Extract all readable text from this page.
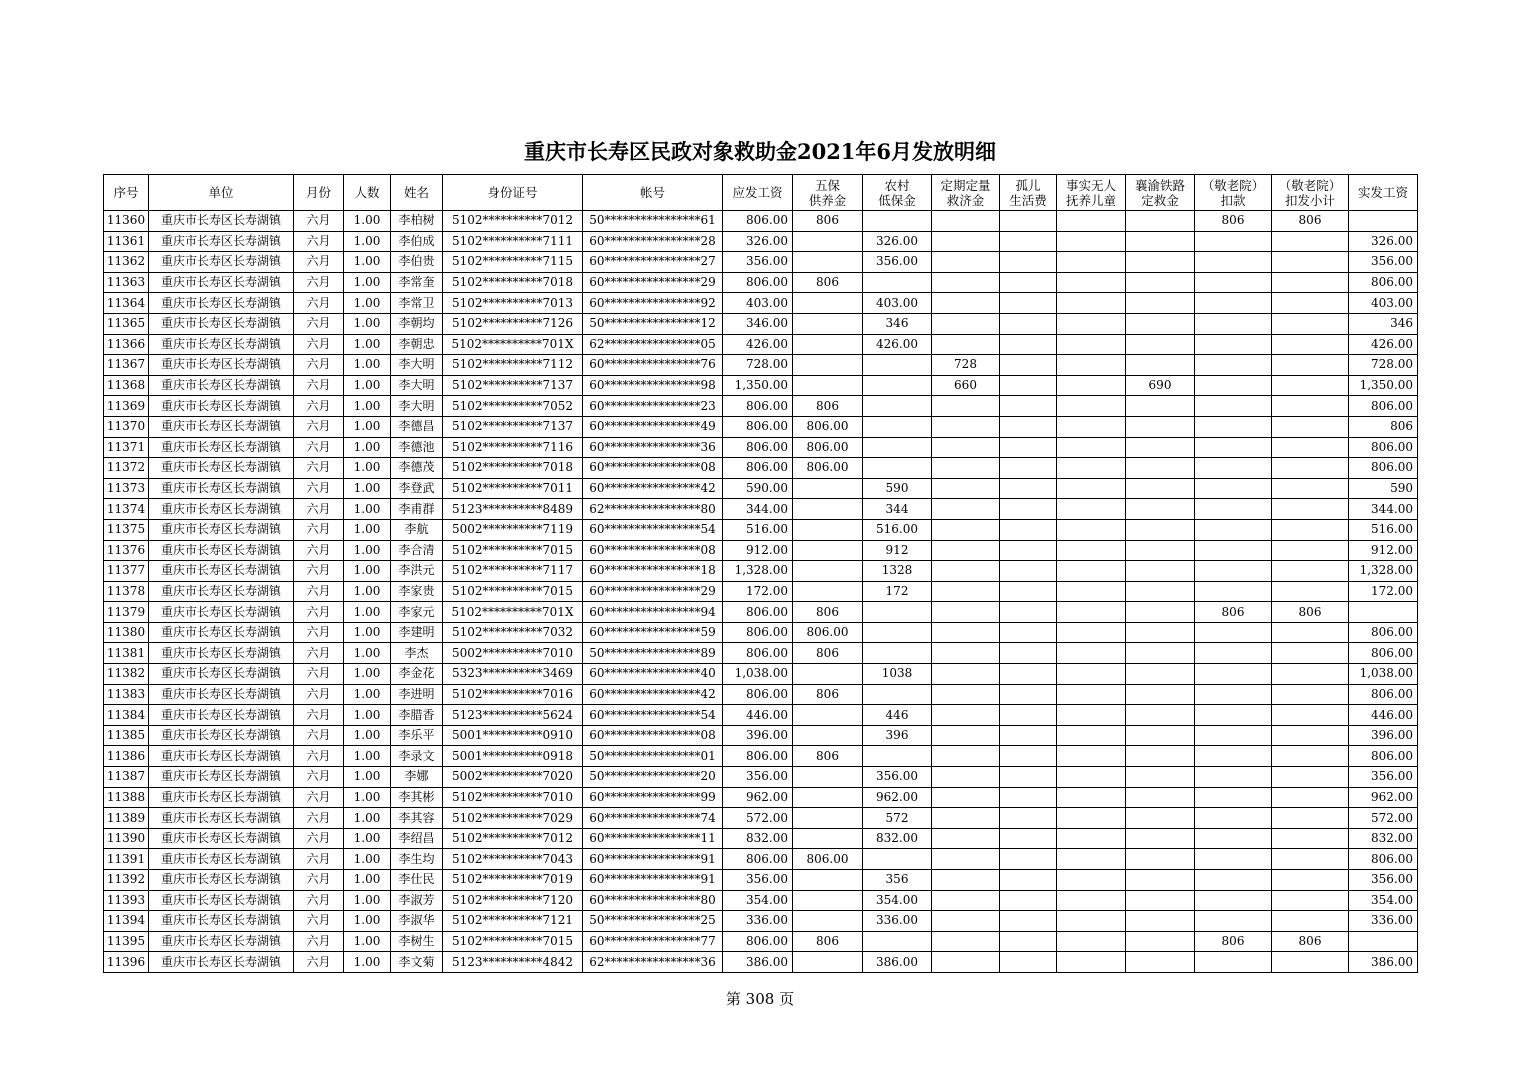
重庆市长寿区民政对象救助金2021年6月发放明细
序号	单位	月份	人数	姓名	身份证号	帐号	应发工资	五保
供养金	农村
低保金	定期定量
救济金	孤儿
生活费	事实无人
抚养儿童	襄渝铁路
定救金	（敬老院）
扣款	（敬老院）
扣发小计	实发工资
11360	重庆市长寿区长寿湖镇	六月	1.00	李柏树	5102**********7012	50****************61	806.00	806						806	806	
11361	重庆市长寿区长寿湖镇	六月	1.00	李伯成	5102**********7111	60****************28	326.00		326.00							326.00
11362	重庆市长寿区长寿湖镇	六月	1.00	李伯贵	5102**********7115	60****************27	356.00		356.00							356.00
11363	重庆市长寿区长寿湖镇	六月	1.00	李常奎	5102**********7018	60****************29	806.00	806								806.00
11364	重庆市长寿区长寿湖镇	六月	1.00	李常卫	5102**********7013	60****************92	403.00		403.00							403.00
11365	重庆市长寿区长寿湖镇	六月	1.00	李朝均	5102**********7126	50****************12	346.00		346							346
11366	重庆市长寿区长寿湖镇	六月	1.00	李朝忠	5102**********701X	62****************05	426.00		426.00							426.00
11367	重庆市长寿区长寿湖镇	六月	1.00	李大明	5102**********7112	60****************76	728.00			728						728.00
11368	重庆市长寿区长寿湖镇	六月	1.00	李大明	5102**********7137	60****************98	1,350.00			660			690			1,350.00
11369	重庆市长寿区长寿湖镇	六月	1.00	李大明	5102**********7052	60****************23	806.00	806								806.00
11370	重庆市长寿区长寿湖镇	六月	1.00	李德昌	5102**********7137	60****************49	806.00	806.00								806
11371	重庆市长寿区长寿湖镇	六月	1.00	李德池	5102**********7116	60****************36	806.00	806.00								806.00
11372	重庆市长寿区长寿湖镇	六月	1.00	李德茂	5102**********7018	60****************08	806.00	806.00								806.00
11373	重庆市长寿区长寿湖镇	六月	1.00	李登武	5102**********7011	60****************42	590.00		590							590
11374	重庆市长寿区长寿湖镇	六月	1.00	李甫群	5123**********8489	62****************80	344.00		344							344.00
11375	重庆市长寿区长寿湖镇	六月	1.00	李航	5002**********7119	60****************54	516.00		516.00							516.00
11376	重庆市长寿区长寿湖镇	六月	1.00	李合清	5102**********7015	60****************08	912.00		912							912.00
11377	重庆市长寿区长寿湖镇	六月	1.00	李洪元	5102**********7117	60****************18	1,328.00		1328							1,328.00
11378	重庆市长寿区长寿湖镇	六月	1.00	李家贵	5102**********7015	60****************29	172.00		172							172.00
11379	重庆市长寿区长寿湖镇	六月	1.00	李家元	5102**********701X	60****************94	806.00	806						806	806	
11380	重庆市长寿区长寿湖镇	六月	1.00	李建明	5102**********7032	60****************59	806.00	806.00								806.00
11381	重庆市长寿区长寿湖镇	六月	1.00	李杰	5002**********7010	50****************89	806.00	806								806.00
11382	重庆市长寿区长寿湖镇	六月	1.00	李金花	5323**********3469	60****************40	1,038.00		1038							1,038.00
11383	重庆市长寿区长寿湖镇	六月	1.00	李进明	5102**********7016	60****************42	806.00	806								806.00
11384	重庆市长寿区长寿湖镇	六月	1.00	李腊香	5123**********5624	60****************54	446.00		446							446.00
11385	重庆市长寿区长寿湖镇	六月	1.00	李乐平	5001**********0910	60****************08	396.00		396							396.00
11386	重庆市长寿区长寿湖镇	六月	1.00	李录文	5001**********0918	50****************01	806.00	806								806.00
11387	重庆市长寿区长寿湖镇	六月	1.00	李娜	5002**********7020	50****************20	356.00		356.00							356.00
11388	重庆市长寿区长寿湖镇	六月	1.00	李其彬	5102**********7010	60****************99	962.00		962.00							962.00
11389	重庆市长寿区长寿湖镇	六月	1.00	李其容	5102**********7029	60****************74	572.00		572							572.00
11390	重庆市长寿区长寿湖镇	六月	1.00	李绍昌	5102**********7012	60****************11	832.00		832.00							832.00
11391	重庆市长寿区长寿湖镇	六月	1.00	李生均	5102**********7043	60****************91	806.00	806.00								806.00
11392	重庆市长寿区长寿湖镇	六月	1.00	李仕民	5102**********7019	60****************91	356.00		356							356.00
11393	重庆市长寿区长寿湖镇	六月	1.00	李淑芳	5102**********7120	60****************80	354.00		354.00							354.00
11394	重庆市长寿区长寿湖镇	六月	1.00	李淑华	5102**********7121	50****************25	336.00		336.00							336.00
11395	重庆市长寿区长寿湖镇	六月	1.00	李树生	5102**********7015	60****************77	806.00	806						806	806	
11396	重庆市长寿区长寿湖镇	六月	1.00	李文菊	5123**********4842	62****************36	386.00		386.00							386.00
第 308 页
